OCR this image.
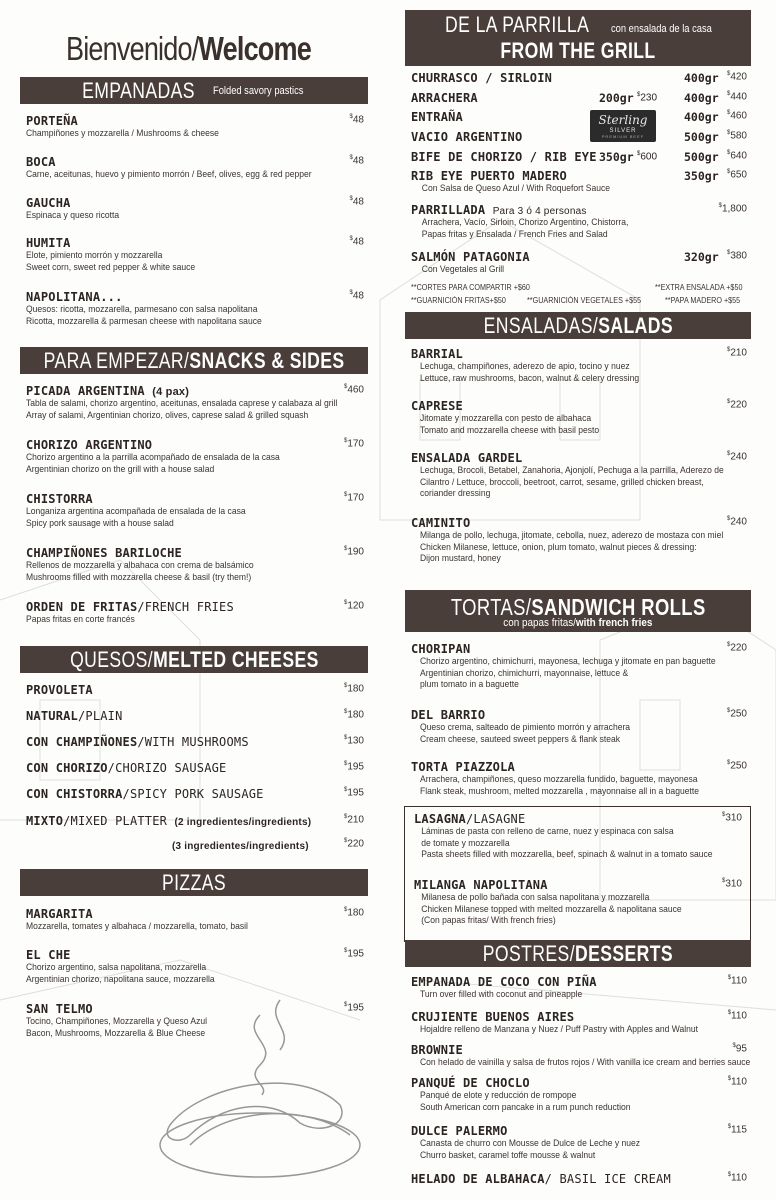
Bienvenido/Welcome
EMPANADAS Folded savory pastics
PORTEÑA	$48
Champiñones y mozzarella / Mushrooms & cheese
BOCA	$48
Carne, aceitunas, huevo y pimiento morrón / Beef, olives, egg & red pepper
GAUCHA	$48
Espinaca y queso ricotta
HUMITA	$48
Elote, pimiento morrón y mozzarella
Sweet corn, sweet red pepper & white sauce
NAPOLITANA...	$48
Quesos: ricotta, mozzarella, parmesano con salsa napolitana
Ricotta, mozzarella & parmesan cheese with napolitana sauce
PARA EMPEZAR/SNACKS & SIDES
PICADA ARGENTINA (4 pax)	$460
Tabla de salami, chorizo argentino, aceitunas, ensalada caprese y calabaza al grill
Array of salami, Argentinian chorizo, olives, caprese salad & grilled squash
CHORIZO ARGENTINO	$170
Chorizo argentino a la parrilla acompañado de ensalada de la casa
Argentinian chorizo on the grill with a house salad
CHISTORRA	$170
Longaniza argentina acompañada de ensalada de la casa
Spicy pork sausage with a house salad
CHAMPIÑONES BARILOCHE	$190
Rellenos de mozzarella y albahaca con crema de balsámico
Mushrooms filled with mozzarella cheese & basil (try them!)
ORDEN DE FRITAS/FRENCH FRIES	$120
Papas fritas en corte francés
QUESOS/MELTED CHEESES
PROVOLETA	$180
NATURAL/PLAIN	$180
CON CHAMPIÑONES/WITH MUSHROOMS	$130
CON CHORIZO/CHORIZO SAUSAGE	$195
CON CHISTORRA/SPICY PORK SAUSAGE	$195
MIXTO/MIXED PLATTER (2 ingredientes/ingredients)	$210
(3 ingredientes/ingredients)	$220
PIZZAS
MARGARITA	$180
Mozzarella, tomates y albahaca / mozzarella, tomato, basil
EL CHE	$195
Chorizo argentino, salsa napolitana, mozzarella
Argentinian chorizo, napolitana sauce, mozzarella
SAN TELMO	$195
Tocino, Champiñones, Mozzarella y Queso Azul
Bacon, Mushrooms, Mozzarella & Blue Cheese
DE LA PARRILLA con ensalada de la casa
FROM THE GRILL
CHURRASCO / SIRLOIN	400gr $420
ARRACHERA	200gr $230 400gr $440
ENTRAÑA	400gr $460
VACIO ARGENTINO	500gr $580
BIFE DE CHORIZO / RIB EYE 350gr $600 500gr $640
RIB EYE PUERTO MADERO	350gr $650
Con Salsa de Queso Azul / With Roquefort Sauce
PARRILLADA Para 3 ó 4 personas	$1,800
Arrachera, Vacío, Sirloin, Chorizo Argentino, Chistorra,
Papas fritas y Ensalada / French Fries and Salad
SALMÓN PATAGONIA	320gr $380
Con Vegetales al Grill
**CORTES PARA COMPARTIR +$60	**EXTRA ENSALADA +$50
**GUARNICIÓN FRITAS+$50	**GUARNICIÓN VEGETALES +$55	**PAPA MADERO +$55
Sterling
SILVER
PREMIUM BEEF
ENSALADAS/SALADS
BARRIAL	$210
Lechuga, champiñones, aderezo de apio, tocino y nuez
Lettuce, raw mushrooms, bacon, walnut & celery dressing
CAPRESE	$220
Jitomate y mozzarella con pesto de albahaca
Tomato and mozzarella cheese with basil pesto
ENSALADA GARDEL	$240
Lechuga, Brocoli, Betabel, Zanahoria, Ajonjolí, Pechuga a la parrilla, Aderezo de
Cilantro / Lettuce, broccoli, beetroot, carrot, sesame, grilled chicken breast,
coriander dressing
CAMINITO	$240
Milanga de pollo, lechuga, jitomate, cebolla, nuez, aderezo de mostaza con miel
Chicken Milanese, lettuce, onion, plum tomato, walnut pieces & dressing:
Dijon mustard, honey
TORTAS/SANDWICH ROLLS
con papas fritas/with french fries
CHORIPAN	$220
Chorizo argentino, chimichurri, mayonesa, lechuga y jitomate en pan baguette
Argentinian chorizo, chimichurri, mayonnaise, lettuce &
plum tomato in a baguette
DEL BARRIO	$250
Queso crema, salteado de pimiento morrón y arrachera
Cream cheese, sauteed sweet peppers & flank steak
TORTA PIAZZOLA	$250
Arrachera, champiñones, queso mozzarella fundido, baguette, mayonesa
Flank steak, mushroom, melted mozzarella , mayonnaise all in a baguette
LASAGNA/LASAGNE	$310
Láminas de pasta con relleno de carne, nuez y espinaca con salsa
de tomate y mozzarella
Pasta sheets filled with mozzarella, beef, spinach & walnut in a tomato sauce
MILANGA NAPOLITANA	$310
Milanesa de pollo bañada con salsa napolitana y mozzarella
Chicken Milanese topped with melted mozzarella & napolitana sauce
(Con papas fritas/ With french fries)
POSTRES/DESSERTS
EMPANADA DE COCO CON PIÑA	$110
Turn over filled with coconut and pineapple
CRUJIENTE BUENOS AIRES	$110
Hojaldre relleno de Manzana y Nuez / Puff Pastry with Apples and Walnut
BROWNIE	$95
Con helado de vainilla y salsa de frutos rojos / With vanilla ice cream and berries sauce
PANQUÉ DE CHOCLO	$110
Panqué de elote y reducción de rompope
South American corn pancake in a rum punch reduction
DULCE PALERMO	$115
Canasta de churro con Mousse de Dulce de Leche y nuez
Churro basket, caramel toffe mousse & walnut
HELADO DE ALBAHACA/ BASIL ICE CREAM	$110
